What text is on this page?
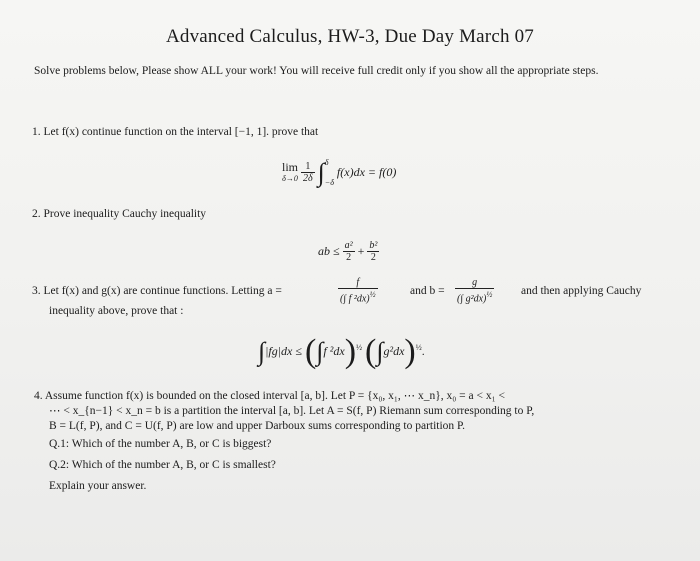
Advanced Calculus, HW-3, Due Day March 07
Solve problems below, Please show ALL your work! You will receive full credit only if you show all the appropriate steps.
1. Let f(x) continue function on the interval [−1, 1]. prove that
lim
δ→0
$\frac{1}{2\delta}$ ∫ δ
−δ
f(x)dx = f(0)
2. Prove inequality Cauchy inequality
ab ≤ $\frac{\text{a²}}{2} + \frac{\text{b²}}{2}$
3. Let f(x) and g(x) are continue functions. Letting a =	$\frac{f}{(\int f ^2dx)^{\frac{1}{2}}}$	and $b = \frac{g}{(\int g^2dx)^{\frac{1}{2}}}$ and then applying Cauchy
inequality above, prove that :
∫|fg|dx ≤ (∫f ²dx)$^{\frac{1}{2}}$ $(\int g^2dx)^{\frac{1}{2}}$.
4. Assume function f(x) is bounded on the closed interval [a, b]. Let P = {x₀, x₁, ⋯ x_n}, x₀ = a < x₁ <
⋯ < x_{n−1} < x_n = b is a partition the interval [a, b]. Let A = S(f, P) Riemann sum corresponding to P,
B = L(f, P), and C = U(f, P) are low and upper Darboux sums corresponding to partition P.
Q.1: Which of the number A, B, or C is biggest?
Q.2: Which of the number A, B, or C is smallest?
Explain your answer.
